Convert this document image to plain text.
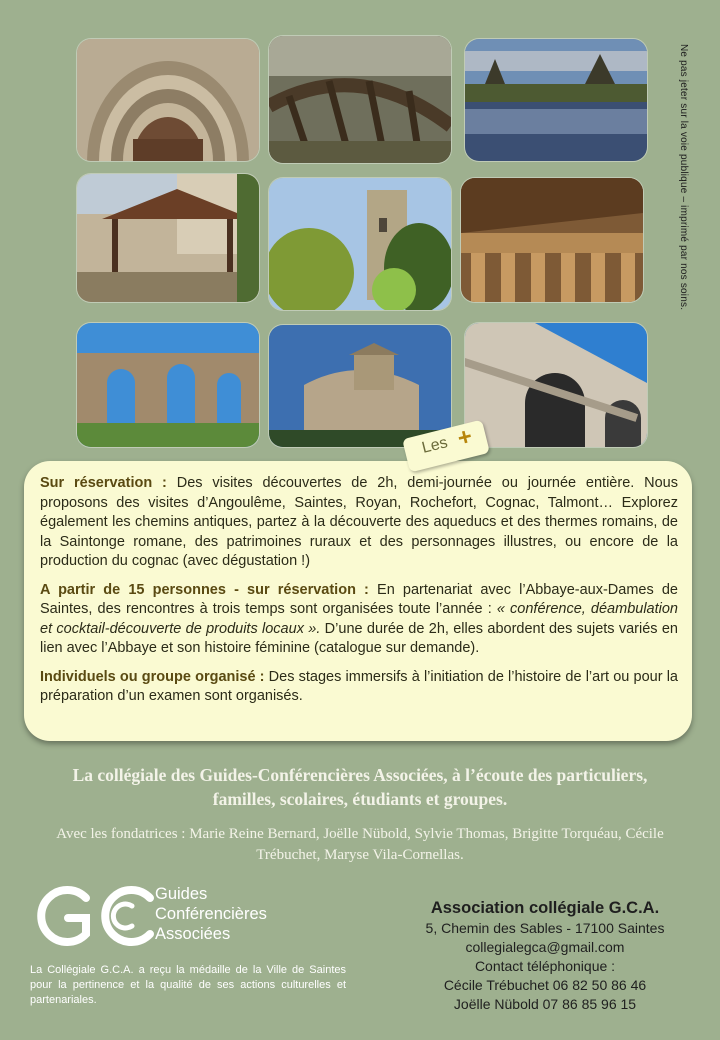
Ne pas jeter sur la voie publique – imprimé par nos soins.
Les +

Sur réservation : Des visites découvertes de 2h, demi-journée ou journée entière. Nous proposons des visites d’Angoulême, Saintes, Royan, Rochefort, Cognac, Talmont… Explorez également les chemins antiques, partez à la découverte des aqueducs et des thermes romains, de la Saintonge romane, des patrimoines ruraux et des personnages illustres, ou encore de la production du cognac (avec dégustation !)

A partir de 15 personnes - sur réservation : En partenariat avec l’Abbaye-aux-Dames de Saintes, des rencontres à trois temps sont organisées toute l’année : « conférence, déambulation et cocktail-découverte de produits locaux ». D’une durée de 2h, elles abordent des sujets variés en lien avec l’Abbaye et son histoire féminine (catalogue sur demande).

Individuels ou groupe organisé : Des stages immersifs à l’initiation de l’histoire de l’art ou pour la préparation d’un examen sont organisés.

La collégiale des Guides-Conférencières Associées, à l’écoute des particuliers, familles, scolaires, étudiants et groupes.
Avec les fondatrices : Marie Reine Bernard, Joëlle Nübold, Sylvie Thomas, Brigitte Torquéau, Cécile Trébuchet, Maryse Vila-Cornellas.
Guides
Conférencières
Associées
La Collégiale G.C.A. a reçu la médaille de la Ville de Saintes pour la pertinence et la qualité de ses actions culturelles et partenariales.
Association collégiale G.C.A.
5, Chemin des Sables - 17100 Saintes
collegialegca@gmail.com
Contact téléphonique :
Cécile Trébuchet 06 82 50 86 46
Joëlle Nübold 07 86 85 96 15
